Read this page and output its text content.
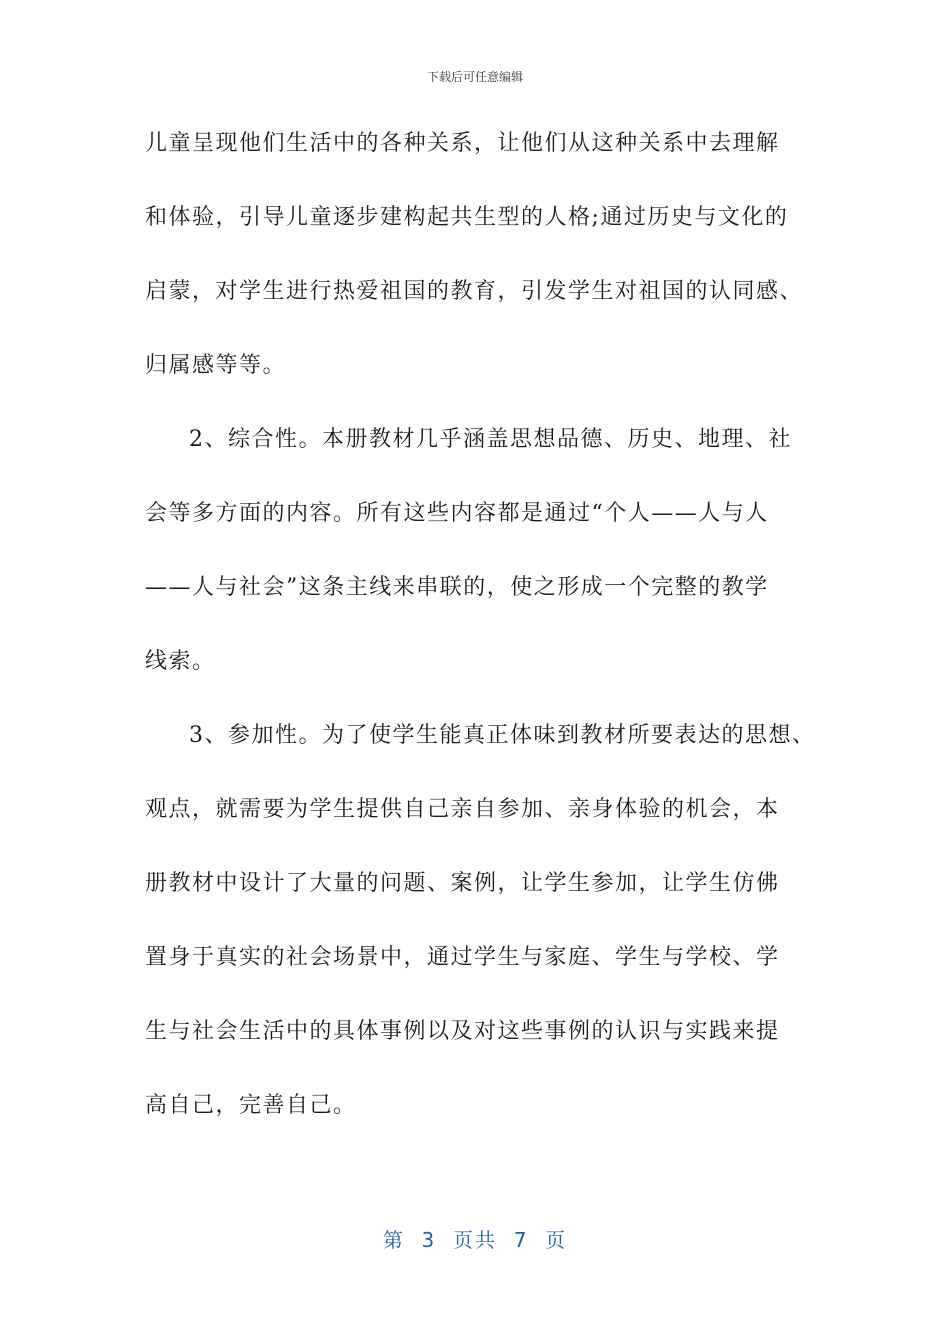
下载后可任意编辑
儿童呈现他们生活中的各种关系，让他们从这种关系中去理解
和体验，引导儿童逐步建构起共生型的人格;通过历史与文化的
启蒙，对学生进行热爱祖国的教育，引发学生对祖国的认同感、
归属感等等。
2、综合性。本册教材几乎涵盖思想品德、历史、地理、社
会等多方面的内容。所有这些内容都是通过“个人——人与人
——人与社会”这条主线来串联的，使之形成一个完整的教学
线索。
3、参加性。为了使学生能真正体味到教材所要表达的思想、
观点，就需要为学生提供自己亲自参加、亲身体验的机会，本
册教材中设计了大量的问题、案例，让学生参加，让学生仿佛
置身于真实的社会场景中，通过学生与家庭、学生与学校、学
生与社会生活中的具体事例以及对这些事例的认识与实践来提
高自己，完善自己。
第  3  页共  7  页
